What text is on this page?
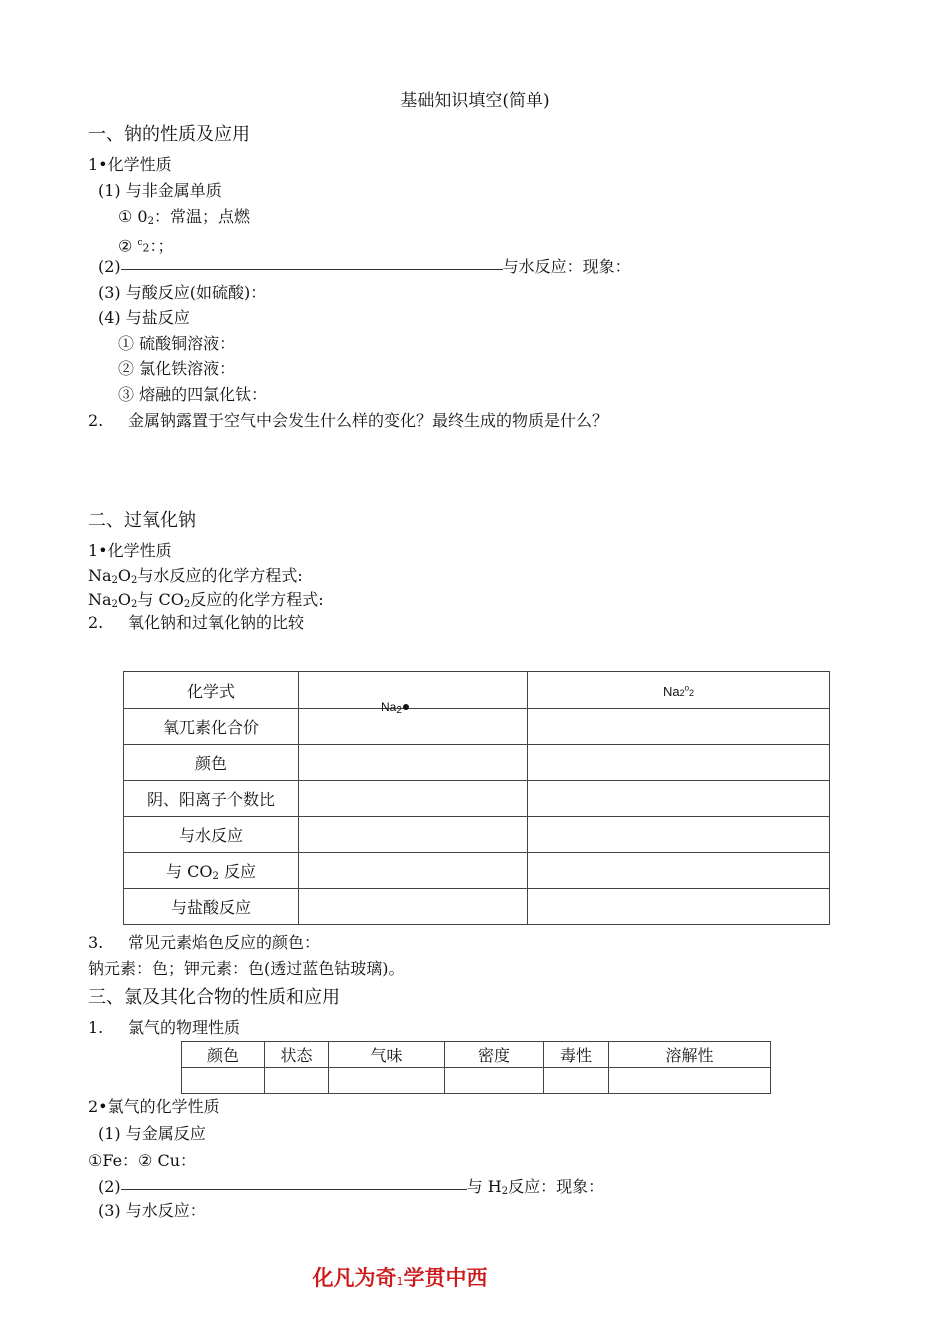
基础知识填空(简单)
一、钠的性质及应用
1•化学性质
(1) 与非金属单质
① $0_2$：常温；点燃
② $^c$2：；
(2)	与水反应：现象：
(3) 与酸反应(如硫酸)：
(4) 与盐反应
① 硫酸铜溶液：
② 氯化铁溶液：
③ 熔融的四氯化钛：
2. 金属钠露置于空气中会发生什么样的变化？最终生成的物质是什么？
二、过氧化钠
1•化学性质
$Na_2O_2$与水反应的化学方程式:
$Na_2O_2$与 $CO_2$反应的化学方程式:
2. 氧化钠和过氧化钠的比较
化学式	$Na_2●$	Na2$^o$2
氧兀素化合价		
颜色		
阴、阳离子个数比		
与水反应		
与 $CO_2$ 反应		
与盐酸反应		
3. 常见元素焰色反应的颜色：
钠元素：色；钾元素：色(透过蓝色钴玻璃)。
三、氯及其化合物的性质和应用
1. 氯气的物理性质
颜色	状态	气味	密度	毒性	溶解性

2•氯气的化学性质
(1) 与金属反应
①Fe：② Cu：
(2)	与 $H_2$反应：现象：
(3) 与水反应：
化凡为奇1学贯中西
